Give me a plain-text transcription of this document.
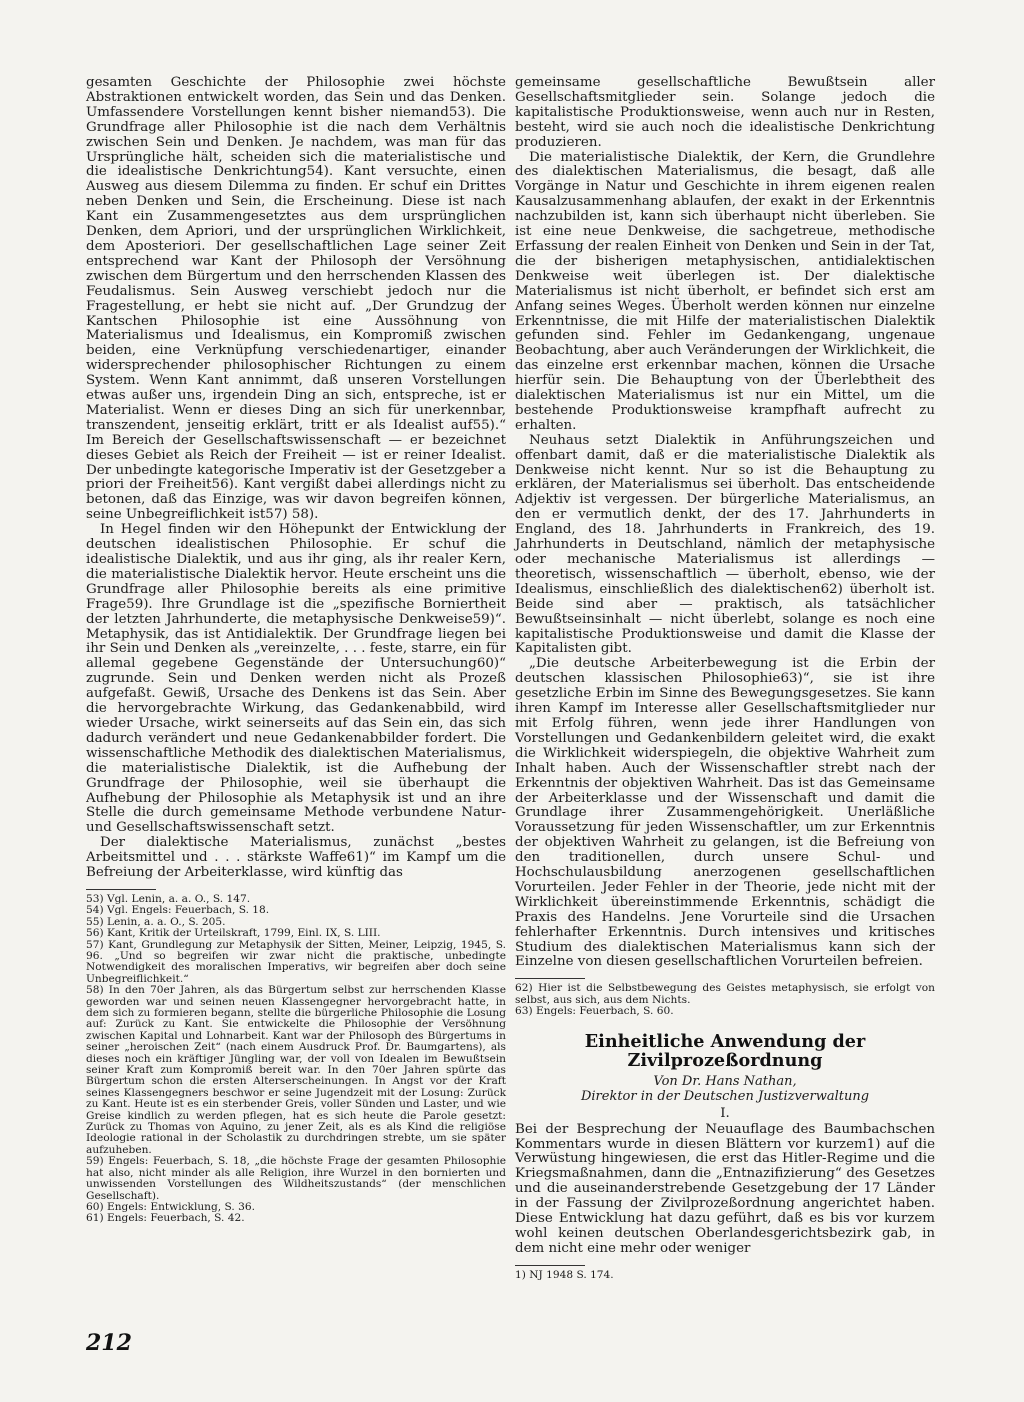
gesamten Geschichte der Philosophie zwei höchste Abstraktionen entwickelt worden, das Sein und das Denken. Umfassendere Vorstellungen kennt bisher niemand53). Die Grundfrage aller Philosophie ist die nach dem Verhältnis zwischen Sein und Denken. Je nachdem, was man für das Ursprüngliche hält, scheiden sich die materialistische und die idealistische Denkrichtung54). Kant versuchte, einen Ausweg aus diesem Dilemma zu finden. Er schuf ein Drittes neben Denken und Sein, die Erscheinung. Diese ist nach Kant ein Zusammengesetztes aus dem ursprünglichen Denken, dem Apriori, und der ursprünglichen Wirklichkeit, dem Aposteriori. Der gesellschaftlichen Lage seiner Zeit entsprechend war Kant der Philosoph der Versöhnung zwischen dem Bürgertum und den herrschenden Klassen des Feudalismus. Sein Ausweg verschiebt jedoch nur die Fragestellung, er hebt sie nicht auf. „Der Grundzug der Kantschen Philosophie ist eine Aussöhnung von Materialismus und Idealismus, ein Kompromiß zwischen beiden, eine Verknüpfung verschiedenartiger, einander widersprechender philosophischer Richtungen zu einem System. Wenn Kant annimmt, daß unseren Vorstellungen etwas außer uns, irgendein Ding an sich, entspreche, ist er Materialist. Wenn er dieses Ding an sich für unerkennbar, transzendent, jenseitig erklärt, tritt er als Idealist auf55).“ Im Bereich der Gesellschaftswissenschaft — er bezeichnet dieses Gebiet als Reich der Freiheit — ist er reiner Idealist. Der unbedingte kategorische Imperativ ist der Gesetzgeber a priori der Freiheit56). Kant vergißt dabei allerdings nicht zu betonen, daß das Einzige, was wir davon begreifen können, seine Unbegreiflichkeit ist57) 58).

In Hegel finden wir den Höhepunkt der Entwicklung der deutschen idealistischen Philosophie. Er schuf die idealistische Dialektik, und aus ihr ging, als ihr realer Kern, die materialistische Dialektik hervor. Heute erscheint uns die Grundfrage aller Philosophie bereits als eine primitive Frage59). Ihre Grundlage ist die „spezifische Borniertheit der letzten Jahrhunderte, die metaphysische Denkweise59)“. Metaphysik, das ist Antidialektik. Der Grundfrage liegen bei ihr Sein und Denken als „vereinzelte, . . . feste, starre, ein für allemal gegebene Gegenstände der Untersuchung60)“ zugrunde. Sein und Denken werden nicht als Prozeß aufgefaßt. Gewiß, Ursache des Denkens ist das Sein. Aber die hervorgebrachte Wirkung, das Gedankenabbild, wird wieder Ursache, wirkt seinerseits auf das Sein ein, das sich dadurch verändert und neue Gedankenabbilder fordert. Die wissenschaftliche Methodik des dialektischen Materialismus, die materialistische Dialektik, ist die Aufhebung der Grundfrage der Philosophie, weil sie überhaupt die Aufhebung der Philosophie als Metaphysik ist und an ihre Stelle die durch gemeinsame Methode verbundene Natur- und Gesellschaftswissenschaft setzt.

Der dialektische Materialismus, zunächst „bestes Arbeitsmittel und . . . stärkste Waffe61)“ im Kampf um die Befreiung der Arbeiterklasse, wird künftig das

53) Vgl. Lenin, a. a. O., S. 147.

54) Vgl. Engels: Feuerbach, S. 18.

55) Lenin, a. a. O., S. 205.

56) Kant, Kritik der Urteilskraft, 1799, Einl. IX, S. LIII.

57) Kant, Grundlegung zur Metaphysik der Sitten, Meiner, Leipzig, 1945, S. 96. „Und so begreifen wir zwar nicht die praktische, unbedingte Notwendigkeit des moralischen Imperativs, wir begreifen aber doch seine Unbegreiflichkeit.“

58) In den 70er Jahren, als das Bürgertum selbst zur herrschenden Klasse geworden war und seinen neuen Klassengegner hervorgebracht hatte, in dem sich zu formieren begann, stellte die bürgerliche Philosophie die Losung auf: Zurück zu Kant. Sie entwickelte die Philosophie der Versöhnung zwischen Kapital und Lohnarbeit. Kant war der Philosoph des Bürgertums in seiner „heroischen Zeit“ (nach einem Ausdruck Prof. Dr. Baumgartens), als dieses noch ein kräftiger Jüngling war, der voll von Idealen im Bewußtsein seiner Kraft zum Kompromiß bereit war. In den 70er Jahren spürte das Bürgertum schon die ersten Alterserscheinungen. In Angst vor der Kraft seines Klassengegners beschwor er seine Jugendzeit mit der Losung: Zurück zu Kant. Heute ist es ein sterbender Greis, voller Sünden und Laster, und wie Greise kindlich zu werden pflegen, hat es sich heute die Parole gesetzt: Zurück zu Thomas von Aquino, zu jener Zeit, als es als Kind die religiöse Ideologie rational in der Scholastik zu durchdringen strebte, um sie später aufzuheben.

59) Engels: Feuerbach, S. 18, „die höchste Frage der gesamten Philosophie hat also, nicht minder als alle Religion, ihre Wurzel in den bornierten und unwissenden Vorstellungen des Wildheitszustands“ (der menschlichen Gesellschaft).

60) Engels: Entwicklung, S. 36.

61) Engels: Feuerbach, S. 42.

gemeinsame gesellschaftliche Bewußtsein aller Gesellschaftsmitglieder sein. Solange jedoch die kapitalistische Produktionsweise, wenn auch nur in Resten, besteht, wird sie auch noch die idealistische Denkrichtung produzieren.

Die materialistische Dialektik, der Kern, die Grundlehre des dialektischen Materialismus, die besagt, daß alle Vorgänge in Natur und Geschichte in ihrem eigenen realen Kausalzusammenhang ablaufen, der exakt in der Erkenntnis nachzubilden ist, kann sich überhaupt nicht überleben. Sie ist eine neue Denkweise, die sachgetreue, methodische Erfassung der realen Einheit von Denken und Sein in der Tat, die der bisherigen metaphysischen, antidialektischen Denkweise weit überlegen ist. Der dialektische Materialismus ist nicht überholt, er befindet sich erst am Anfang seines Weges. Überholt werden können nur einzelne Erkenntnisse, die mit Hilfe der materialistischen Dialektik gefunden sind. Fehler im Gedankengang, ungenaue Beobachtung, aber auch Veränderungen der Wirklichkeit, die das einzelne erst erkennbar machen, können die Ursache hierfür sein. Die Behauptung von der Überlebtheit des dialektischen Materialismus ist nur ein Mittel, um die bestehende Produktionsweise krampfhaft aufrecht zu erhalten.

Neuhaus setzt Dialektik in Anführungszeichen und offenbart damit, daß er die materialistische Dialektik als Denkweise nicht kennt. Nur so ist die Behauptung zu erklären, der Materialismus sei überholt. Das entscheidende Adjektiv ist vergessen. Der bürgerliche Materialismus, an den er vermutlich denkt, der des 17. Jahrhunderts in England, des 18. Jahrhunderts in Frankreich, des 19. Jahrhunderts in Deutschland, nämlich der metaphysische oder mechanische Materialismus ist allerdings — theoretisch, wissenschaftlich — überholt, ebenso, wie der Idealismus, einschließlich des dialektischen62) überholt ist. Beide sind aber — praktisch, als tatsächlicher Bewußtseinsinhalt — nicht überlebt, solange es noch eine kapitalistische Produktionsweise und damit die Klasse der Kapitalisten gibt.

„Die deutsche Arbeiterbewegung ist die Erbin der deutschen klassischen Philosophie63)“, sie ist ihre gesetzliche Erbin im Sinne des Bewegungsgesetzes. Sie kann ihren Kampf im Interesse aller Gesellschaftsmitglieder nur mit Erfolg führen, wenn jede ihrer Handlungen von Vorstellungen und Gedankenbildern geleitet wird, die exakt die Wirklichkeit widerspiegeln, die objektive Wahrheit zum Inhalt haben. Auch der Wissenschaftler strebt nach der Erkenntnis der objektiven Wahrheit. Das ist das Gemeinsame der Arbeiterklasse und der Wissenschaft und damit die Grundlage ihrer Zusammengehörigkeit. Unerläßliche Voraussetzung für jeden Wissenschaftler, um zur Erkenntnis der objektiven Wahrheit zu gelangen, ist die Befreiung von den traditionellen, durch unsere Schul- und Hochschulausbildung anerzogenen gesellschaftlichen Vorurteilen. Jeder Fehler in der Theorie, jede nicht mit der Wirklichkeit übereinstimmende Erkenntnis, schädigt die Praxis des Handelns. Jene Vorurteile sind die Ursachen fehlerhafter Erkenntnis. Durch intensives und kritisches Studium des dialektischen Materialismus kann sich der Einzelne von diesen gesellschaftlichen Vorurteilen befreien.

62) Hier ist die Selbstbewegung des Geistes metaphysisch, sie erfolgt von selbst, aus sich, aus dem Nichts.

63) Engels: Feuerbach, S. 60.

Einheitliche Anwendung der Zivilprozeßordnung
Von Dr. Hans Nathan,
Direktor in der Deutschen Justizverwaltung
I.

Bei der Besprechung der Neuauflage des Baumbachschen Kommentars wurde in diesen Blättern vor kurzem1) auf die Verwüstung hingewiesen, die erst das Hitler-Regime und die Kriegsmaßnahmen, dann die „Entnazifizierung“ des Gesetzes und die auseinanderstrebende Gesetzgebung der 17 Länder in der Fassung der Zivilprozeßordnung angerichtet haben. Diese Entwicklung hat dazu geführt, daß es bis vor kurzem wohl keinen deutschen Oberlandesgerichtsbezirk gab, in dem nicht eine mehr oder weniger

1) NJ 1948 S. 174.

212
